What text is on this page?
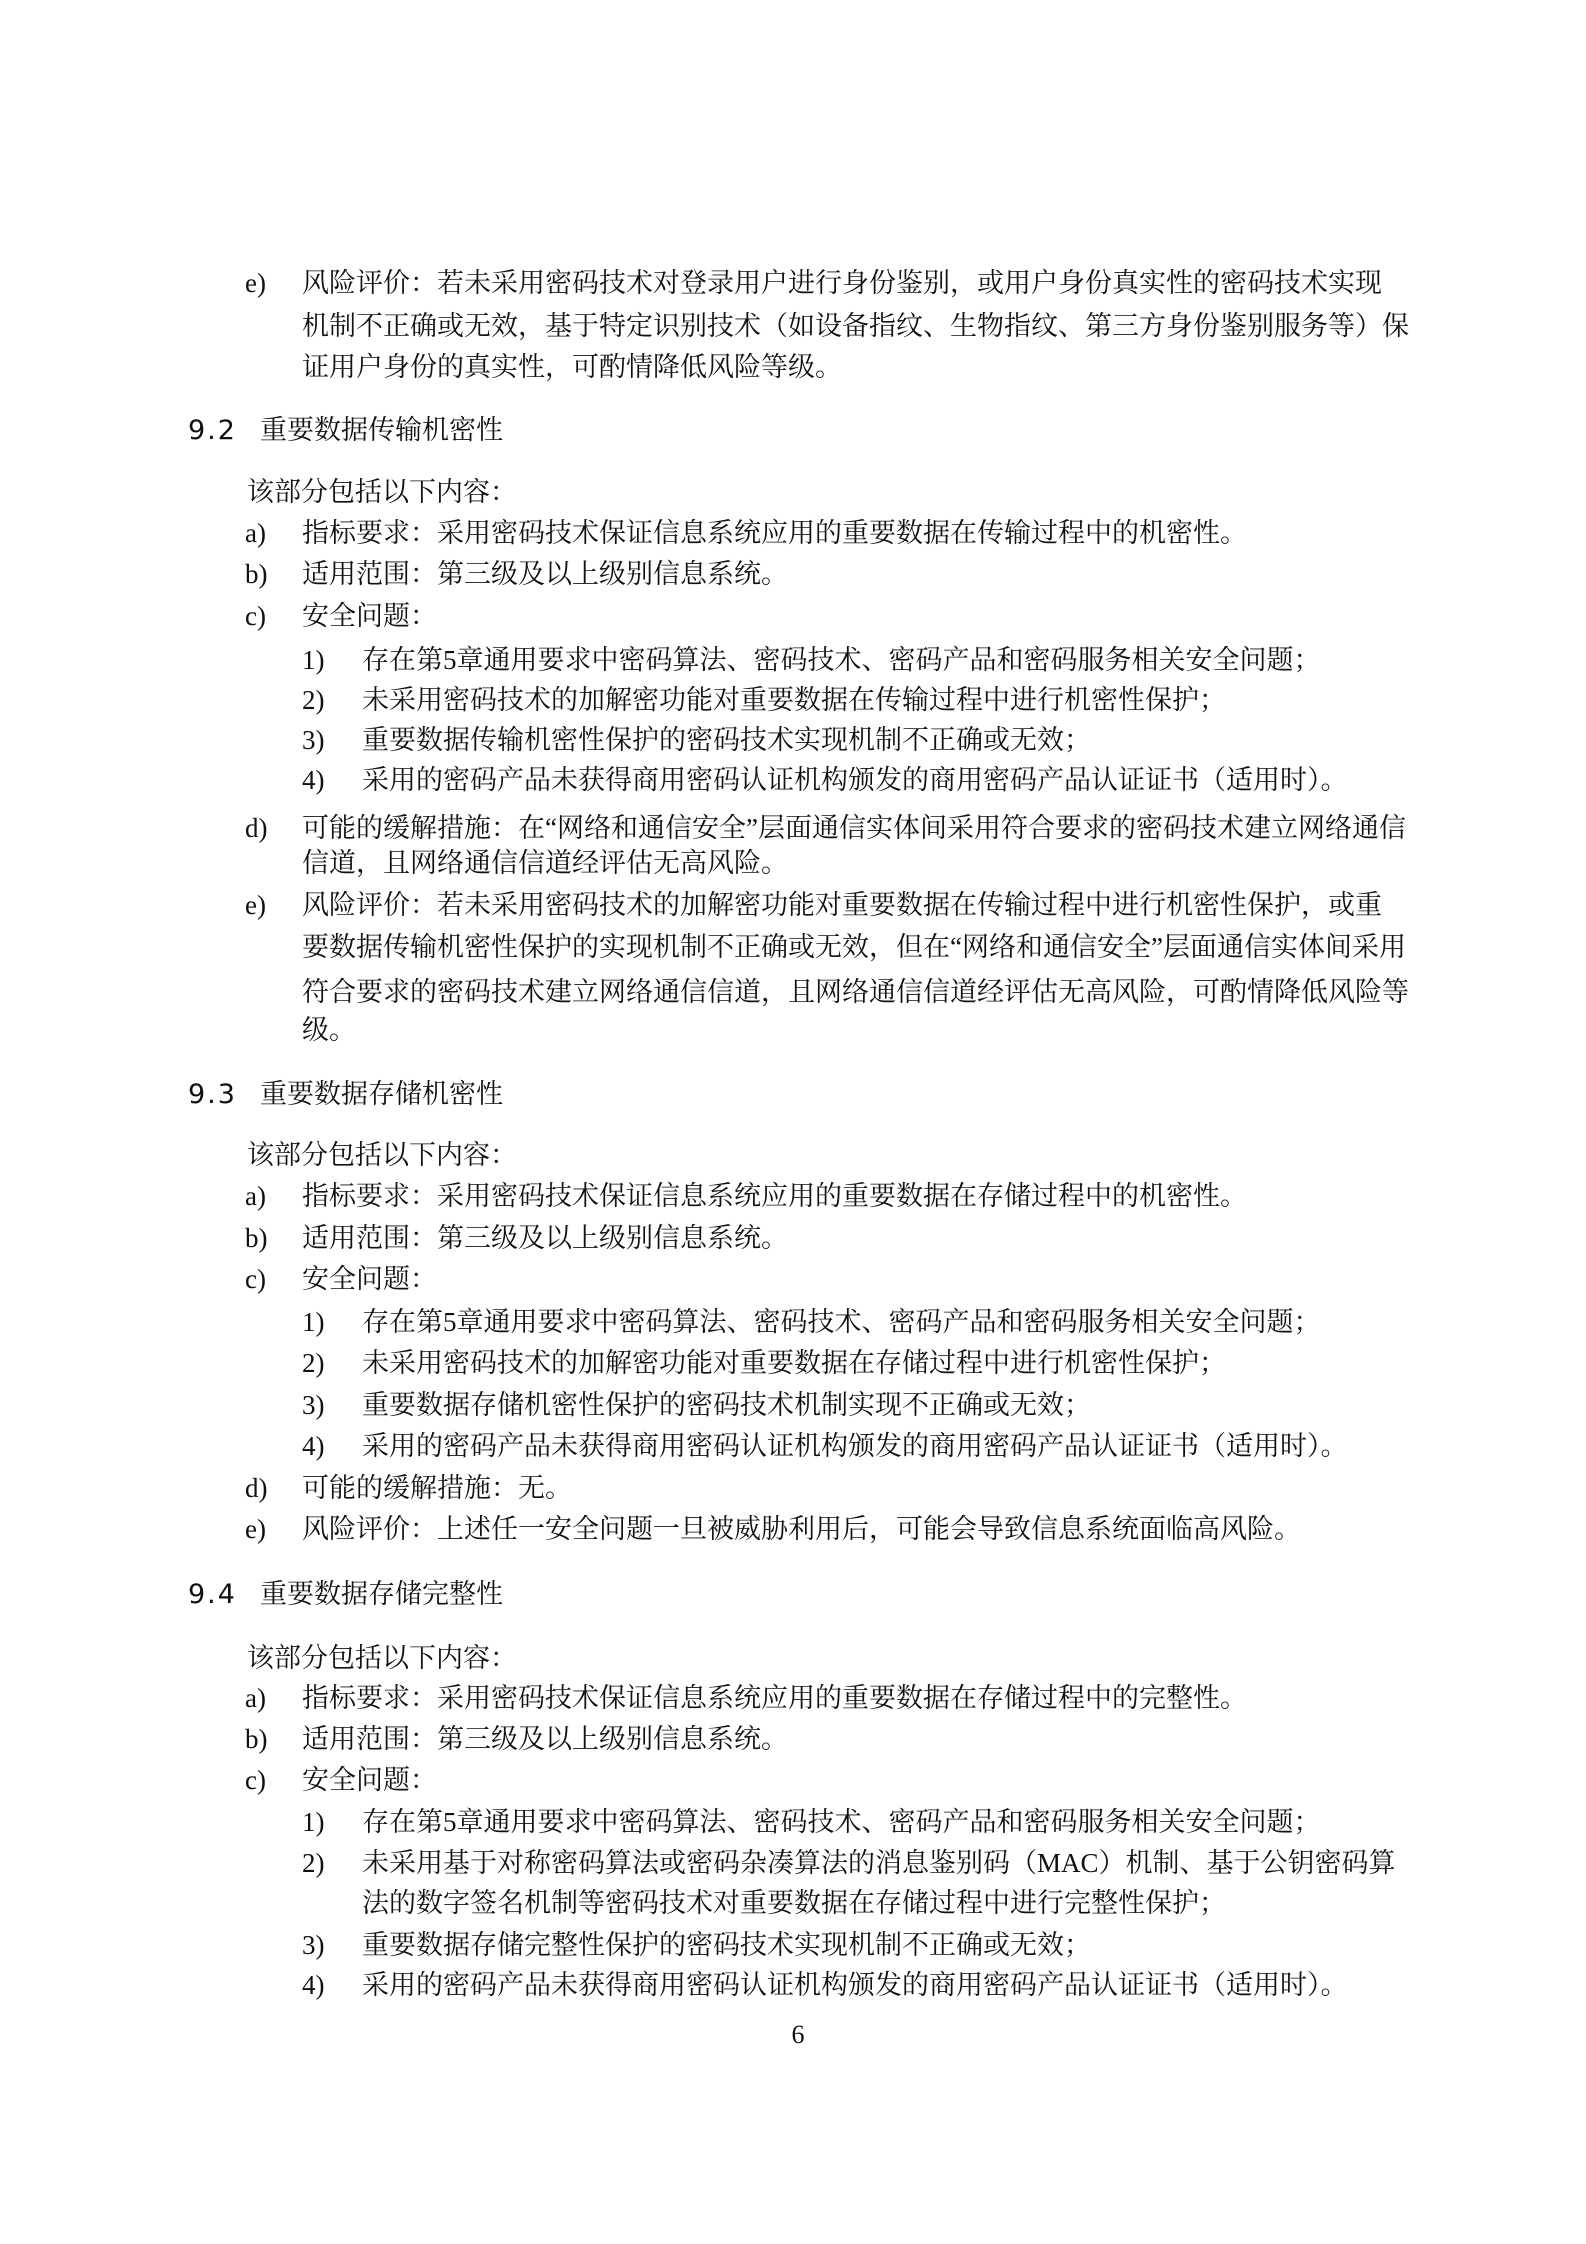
e) 风险评价：若未采用密码技术对登录用户进行身份鉴别，或用户身份真实性的密码技术实现
机制不正确或无效，基于特定识别技术（如设备指纹、生物指纹、第三方身份鉴别服务等）保
证用户身份的真实性，可酌情降低风险等级。
9.2 重要数据传输机密性
该部分包括以下内容：
a) 指标要求：采用密码技术保证信息系统应用的重要数据在传输过程中的机密性。
b) 适用范围：第三级及以上级别信息系统。
c) 安全问题：
1) 存在第5章通用要求中密码算法、密码技术、密码产品和密码服务相关安全问题；
2) 未采用密码技术的加解密功能对重要数据在传输过程中进行机密性保护；
3) 重要数据传输机密性保护的密码技术实现机制不正确或无效；
4) 采用的密码产品未获得商用密码认证机构颁发的商用密码产品认证证书（适用时）。
d) 可能的缓解措施：在“网络和通信安全”层面通信实体间采用符合要求的密码技术建立网络通信
信道，且网络通信信道经评估无高风险。
e) 风险评价：若未采用密码技术的加解密功能对重要数据在传输过程中进行机密性保护，或重
要数据传输机密性保护的实现机制不正确或无效，但在“网络和通信安全”层面通信实体间采用
符合要求的密码技术建立网络通信信道，且网络通信信道经评估无高风险，可酌情降低风险等
级。
9.3 重要数据存储机密性
该部分包括以下内容：
a) 指标要求：采用密码技术保证信息系统应用的重要数据在存储过程中的机密性。
b) 适用范围：第三级及以上级别信息系统。
c) 安全问题：
1) 存在第5章通用要求中密码算法、密码技术、密码产品和密码服务相关安全问题；
2) 未采用密码技术的加解密功能对重要数据在存储过程中进行机密性保护；
3) 重要数据存储机密性保护的密码技术机制实现不正确或无效；
4) 采用的密码产品未获得商用密码认证机构颁发的商用密码产品认证证书（适用时）。
d) 可能的缓解措施：无。
e) 风险评价：上述任一安全问题一旦被威胁利用后，可能会导致信息系统面临高风险。
9.4 重要数据存储完整性
该部分包括以下内容：
a) 指标要求：采用密码技术保证信息系统应用的重要数据在存储过程中的完整性。
b) 适用范围：第三级及以上级别信息系统。
c) 安全问题：
1) 存在第5章通用要求中密码算法、密码技术、密码产品和密码服务相关安全问题；
2) 未采用基于对称密码算法或密码杂凑算法的消息鉴别码（MAC）机制、基于公钥密码算
法的数字签名机制等密码技术对重要数据在存储过程中进行完整性保护；
3) 重要数据存储完整性保护的密码技术实现机制不正确或无效；
4) 采用的密码产品未获得商用密码认证机构颁发的商用密码产品认证证书（适用时）。
6
